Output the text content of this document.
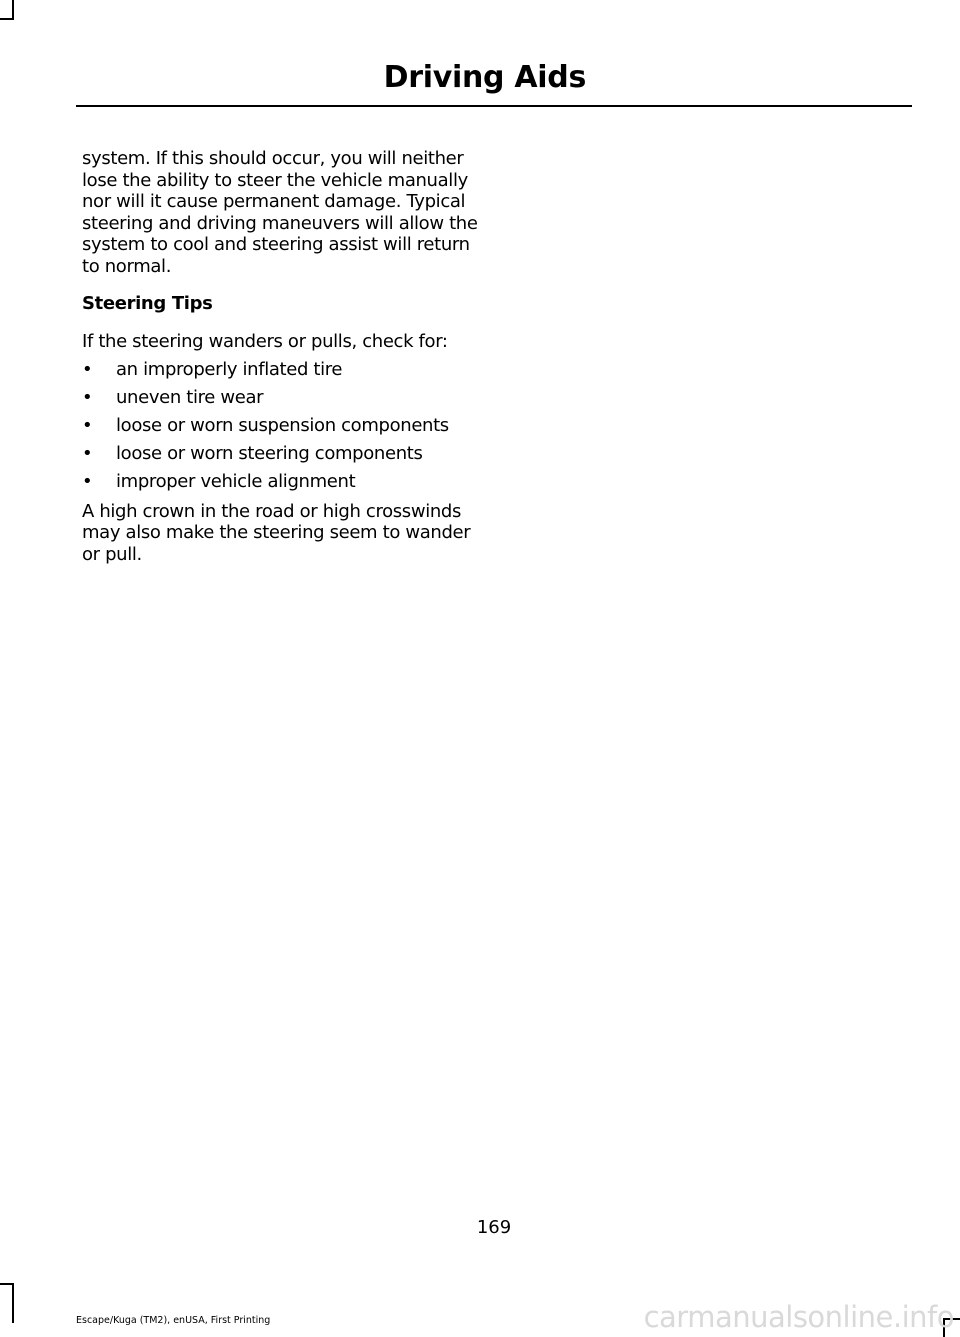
Driving Aids

system. If this should occur, you will neither lose the ability to steer the vehicle manually nor will it cause permanent damage. Typical steering and driving maneuvers will allow the system to cool and steering assist will return to normal.

Steering Tips

If the steering wanders or pulls, check for:

•	an improperly inflated tire
•	uneven tire wear
•	loose or worn suspension components
•	loose or worn steering components
•	improper vehicle alignment

A high crown in the road or high crosswinds may also make the steering seem to wander or pull.

169
Escape/Kuga (TM2), enUSA, First Printing	carmanualsonline.info
